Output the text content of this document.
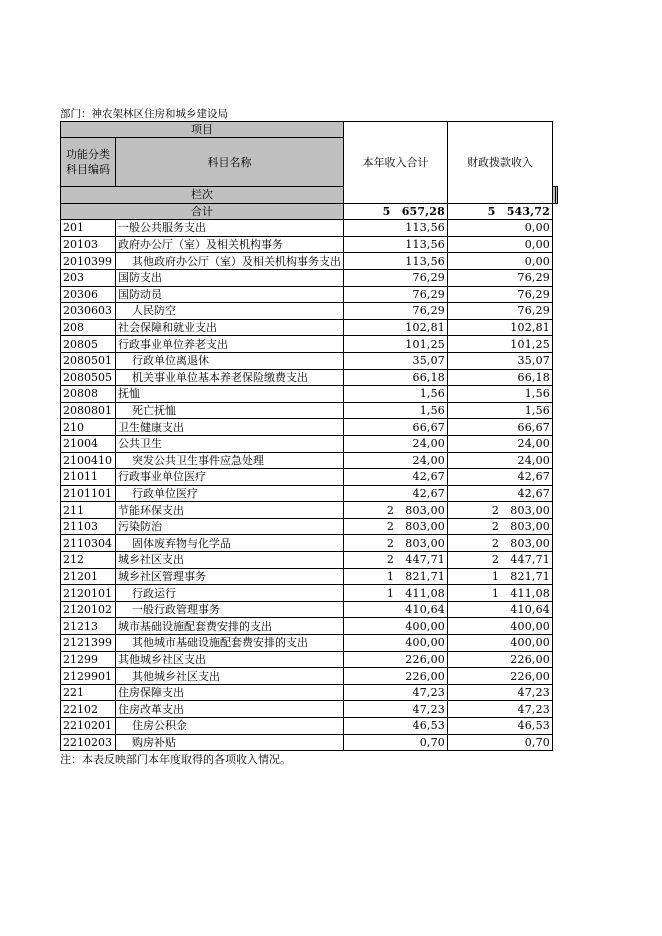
部门：神农架林区住房和城乡建设局
项目		本年收入合计	财政拨款收入		
功能分类
科目编码	科目名称				
栏次		
合计		5　657,28	5　543,72		
201	一般公共服务支出	113,56	0,00		
20103	政府办公厅（室）及相关机构事务	113,56	0,00		
2010399	其他政府办公厅（室）及相关机构事务支出	113,56	0,00		
203	国防支出	76,29	76,29		
20306	国防动员	76,29	76,29		
2030603	人民防空	76,29	76,29		
208	社会保障和就业支出	102,81	102,81		
20805	行政事业单位养老支出	101,25	101,25		
2080501	行政单位离退休	35,07	35,07		
2080505	机关事业单位基本养老保险缴费支出	66,18	66,18		
20808	抚恤	1,56	1,56		
2080801	死亡抚恤	1,56	1,56		
210	卫生健康支出	66,67	66,67		
21004	公共卫生	24,00	24,00		
2100410	突发公共卫生事件应急处理	24,00	24,00		
21011	行政事业单位医疗	42,67	42,67		
2101101	行政单位医疗	42,67	42,67		
211	节能环保支出	2　803,00	2　803,00		
21103	污染防治	2　803,00	2　803,00		
2110304	固体废弃物与化学品	2　803,00	2　803,00		
212	城乡社区支出	2　447,71	2　447,71		
21201	城乡社区管理事务	1　821,71	1　821,71		
2120101	行政运行	1　411,08	1　411,08		
2120102	一般行政管理事务	410,64	410,64		
21213	城市基础设施配套费安排的支出	400,00	400,00		
2121399	其他城市基础设施配套费安排的支出	400,00	400,00		
21299	其他城乡社区支出	226,00	226,00		
2129901	其他城乡社区支出	226,00	226,00		
221	住房保障支出	47,23	47,23		
22102	住房改革支出	47,23	47,23		
2210201	住房公积金	46,53	46,53		
2210203	购房补贴	0,70	0,70		
注：本表反映部门本年度取得的各项收入情况。
